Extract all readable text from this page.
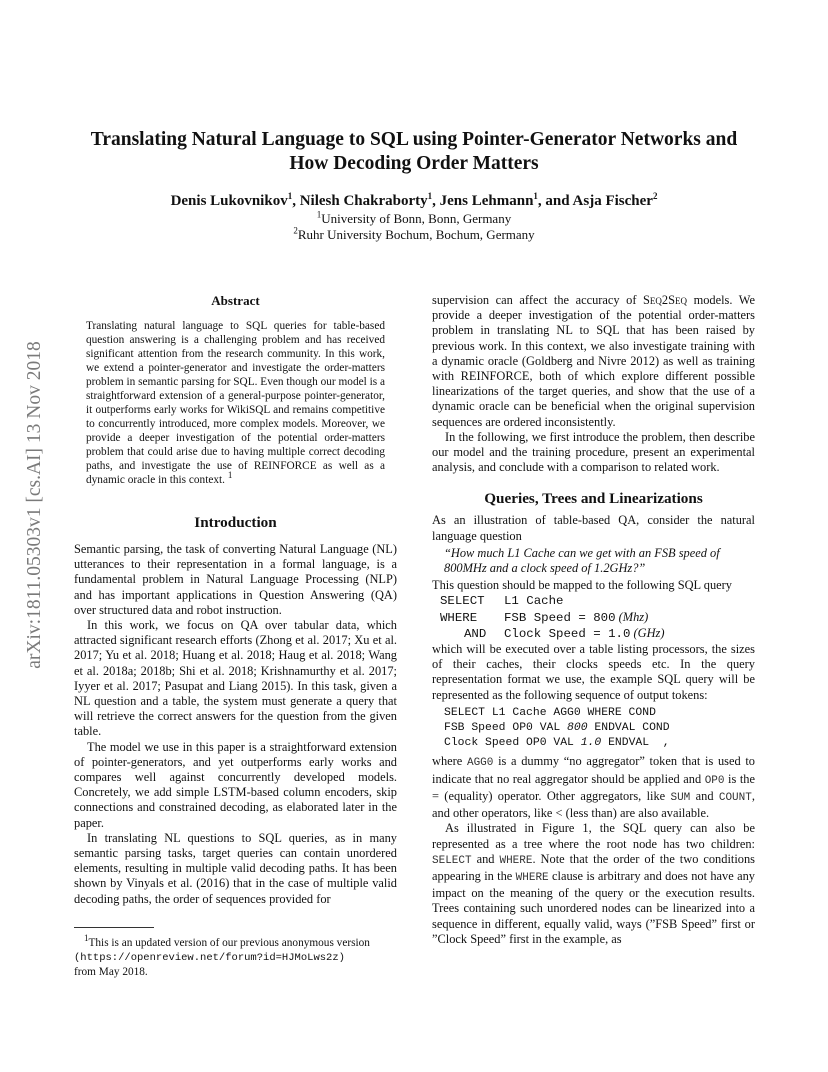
arXiv:1811.05303v1 [cs.AI] 13 Nov 2018
Translating Natural Language to SQL using Pointer-Generator Networks and
How Decoding Order Matters
Denis Lukovnikov$^1$, Nilesh Chakraborty$^1$, Jens Lehmann$^1$, and Asja Fischer$^2$
$^1$University of Bonn, Bonn, Germany
$^2$Ruhr University Bochum, Bochum, Germany
Abstract

Translating natural language to SQL queries for table-based question answering is a challenging problem and has received significant attention from the research community. In this work, we extend a pointer-generator and investigate the order-matters problem in semantic parsing for SQL. Even though our model is a straightforward extension of a general-purpose pointer-generator, it outperforms early works for WikiSQL and remains competitive to concurrently introduced, more complex models. Moreover, we provide a deeper investigation of the potential order-matters problem that could arise due to having multiple correct decoding paths, and investigate the use of REINFORCE as well as a dynamic oracle in this context. $^1$

Introduction

Semantic parsing, the task of converting Natural Language (NL) utterances to their representation in a formal language, is a fundamental problem in Natural Language Processing (NLP) and has important applications in Question Answering (QA) over structured data and robot instruction.

In this work, we focus on QA over tabular data, which attracted significant research efforts (Zhong et al. 2017; Xu et al. 2017; Yu et al. 2018; Huang et al. 2018; Haug et al. 2018; Wang et al. 2018a; 2018b; Shi et al. 2018; Krishnamurthy et al. 2017; Iyyer et al. 2017; Pasupat and Liang 2015). In this task, given a NL question and a table, the system must generate a query that will retrieve the correct answers for the question from the given table.

The model we use in this paper is a straightforward extension of pointer-generators, and yet outperforms early works and compares well against concurrently developed models. Concretely, we add simple LSTM-based column encoders, skip connections and constrained decoding, as elaborated later in the paper.

In translating NL questions to SQL queries, as in many semantic parsing tasks, target queries can contain unordered elements, resulting in multiple valid decoding paths. It has been shown by Vinyals et al. (2016) that in the case of multiple valid decoding paths, the order of sequences provided for

$^1$This is an updated version of our previous anonymous version
(https://openreview.net/forum?id=HJMoLws2z)
from May 2018.

supervision can affect the accuracy of Seq2Seq models. We provide a deeper investigation of the potential order-matters problem in translating NL to SQL that has been raised by previous work. In this context, we also investigate training with a dynamic oracle (Goldberg and Nivre 2012) as well as training with REINFORCE, both of which explore different possible linearizations of the target queries, and show that the use of a dynamic oracle can be beneficial when the original supervision sequences are ordered inconsistently.

In the following, we first introduce the problem, then describe our model and the training procedure, present an experimental analysis, and conclude with a comparison to related work.

Queries, Trees and Linearizations

As an illustration of table-based QA, consider the natural language question

“How much L1 Cache can we get with an FSB speed of 800MHz and a clock speed of 1.2GHz?”

This question should be mapped to the following SQL query

SELECT L1 Cache
WHERE FSB Speed = 800 (Mhz)
AND Clock Speed = 1.0 (GHz)

which will be executed over a table listing processors, the sizes of their caches, their clocks speeds etc. In the query representation format we use, the example SQL query will be represented as the following sequence of output tokens:

SELECT L1 Cache AGG0 WHERE COND
FSB Speed OP0 VAL 800 ENDVAL COND
Clock Speed OP0 VAL 1.0 ENDVAL  ,

where AGG0 is a dummy “no aggregator” token that is used to indicate that no real aggregator should be applied and OP0 is the = (equality) operator. Other aggregators, like SUM and COUNT, and other operators, like < (less than) are also available.

As illustrated in Figure 1, the SQL query can also be represented as a tree where the root node has two children: SELECT and WHERE. Note that the order of the two conditions appearing in the WHERE clause is arbitrary and does not have any impact on the meaning of the query or the execution results. Trees containing such unordered nodes can be linearized into a sequence in different, equally valid, ways (”FSB Speed” first or ”Clock Speed” first in the example, as
